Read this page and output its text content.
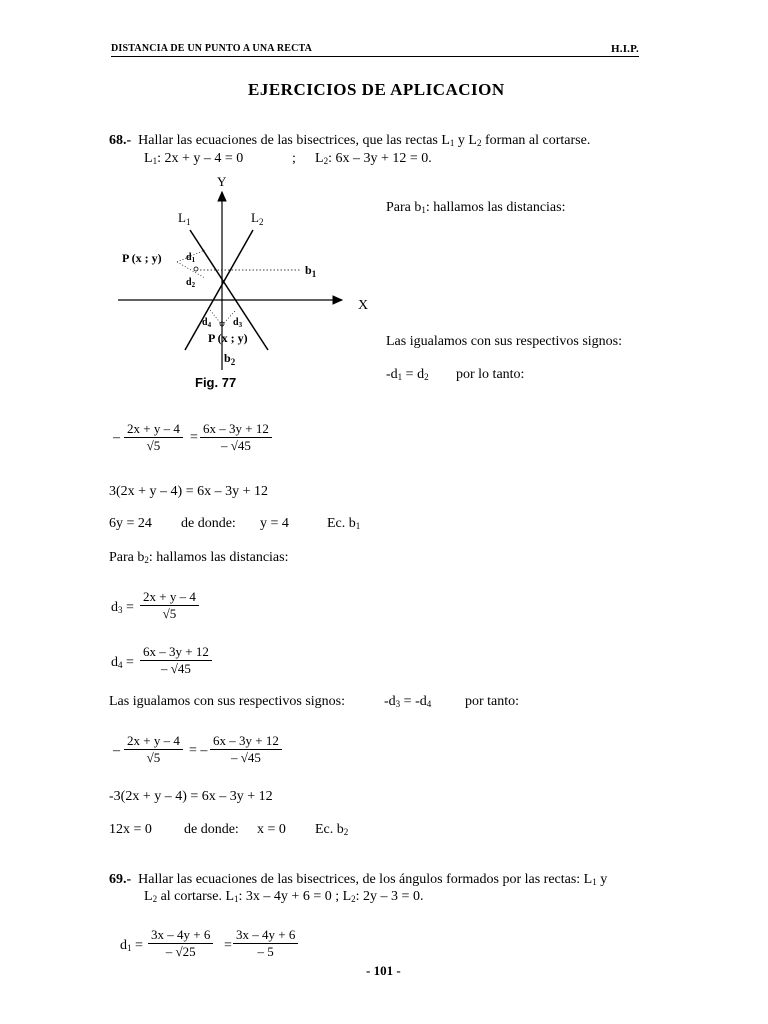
DISTANCIA DE UN PUNTO A UNA RECTA	H.I.P.
EJERCICIOS DE APLICACION
68.- Hallar las ecuaciones de las bisectrices, que las rectas $L_1$ y $L_2$ forman al cortarse.
$L_1$: 2x + y – 4 = 0	; $L_2$: 6x – 3y + 12 = 0.
Y
X
$L_1$	$L_2$
$b_1$
$b_2$
P (x ; y)
P (x ; y)
$d_1$
$d_2$
$d_4$ $d_3$
Fig. 77
Para $b_1$: hallamos las distancias:
Las igualamos con sus respectivos signos:
$-d_1 = d_2$ por lo tanto:
– $\frac{2x + y - 4}{√5} = \frac{6x - 3y + 12}{- √45}$
3(2x + y – 4) = 6x – 3y + 12
6y = 24 de donde: y = 4	Ec. $b_1$
Para $b_2$: hallamos las distancias:
$d_3 = \frac{2x + y - 4}{√5}$
$d_4 = \frac{6x - 3y + 12}{- √45}$
Las igualamos con sus respectivos signos:	$-d_3 = -d_4$ por tanto:
– $\frac{2x + y - 4}{√5}$ = – $\frac{6x - 3y + 12}{- √45}$
-3(2x + y – 4) = 6x – 3y + 12
12x = 0 de donde: x = 0 Ec. $b_2$
69.- Hallar las ecuaciones de las bisectrices, de los ángulos formados por las rectas: $L_1$ y
$L_2$ al cortarse. $L_1$: 3x – 4y + 6 = 0 ; $L_2$: 2y – 3 = 0.
$d_1 = \frac{3x - 4y + 6}{- √25} = \frac{3x - 4y + 6}{- 5}$
- 101 -
